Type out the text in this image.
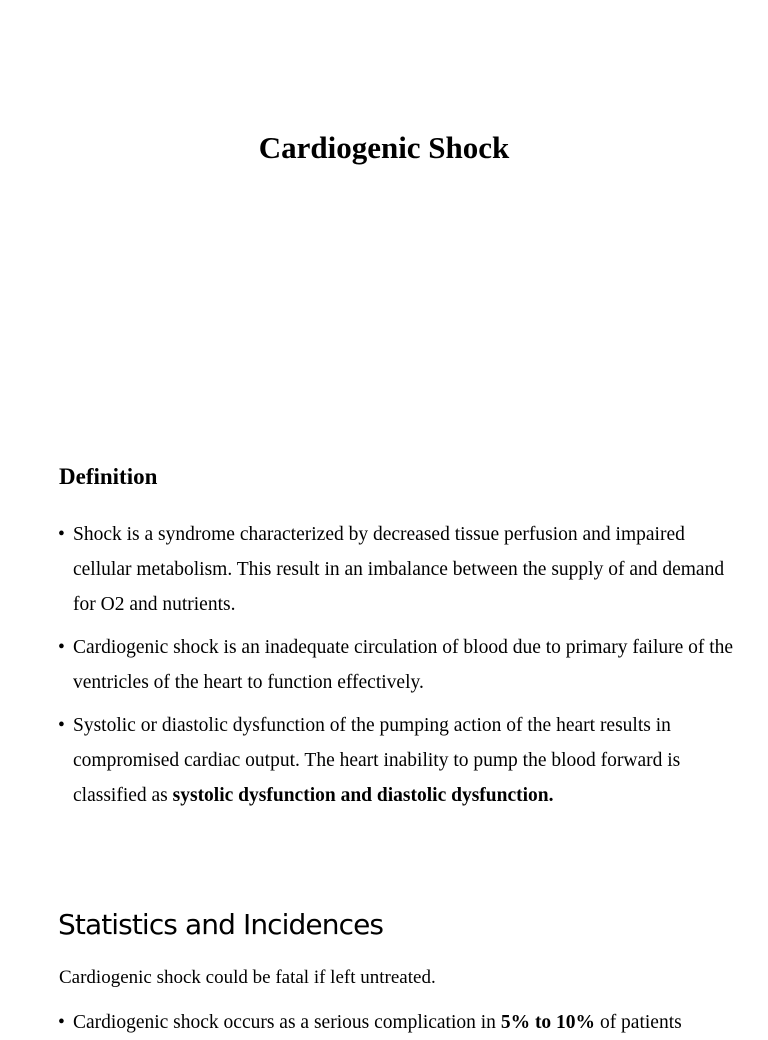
Cardiogenic Shock
Definition
• Shock is a syndrome characterized by decreased tissue perfusion and impaired cellular metabolism. This result in an imbalance between the supply of and demand for O2 and nutrients.
• Cardiogenic shock is an inadequate circulation of blood due to primary failure of the ventricles of the heart to function effectively.
• Systolic or diastolic dysfunction of the pumping action of the heart results in compromised cardiac output. The heart inability to pump the blood forward is classified as systolic dysfunction and diastolic dysfunction.
Statistics and Incidences

Cardiogenic shock could be fatal if left untreated.

• Cardiogenic shock occurs as a serious complication in 5% to 10% of patients
